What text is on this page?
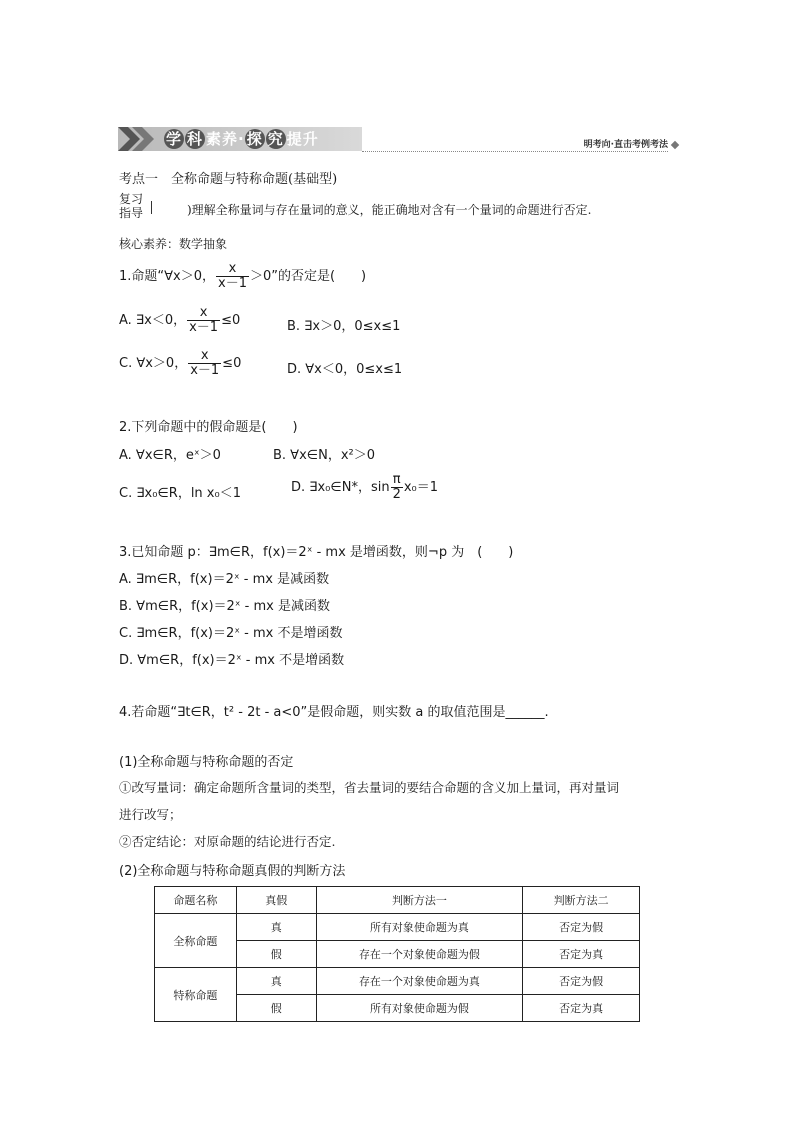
学 科 素养· 探 究 提升	明考向·直击考例考法
考点一　全称命题与特称命题(基础型)
复习
指导	)理解全称量词与存在量词的意义，能正确地对含有一个量词的命题进行否定.
核心素养：数学抽象
1.命题“∀x＞0， $\frac{x}{x-1} >0$”的否定是(　　)
A. ∃x＜0， $\frac{x}{x-1} \le 0$	B. ∃x＞0，0≤x≤1
C. ∀x＞0， $\frac{x}{x-1} \le 0$	D. ∀x＜0，0≤x≤1
2.下列命题中的假命题是(　　)
A. ∀x∈R，eˣ＞0	B. ∀x∈N，x²＞0
C. ∃x₀∈R，ln x₀＜1	D. ∃x₀∈N*，$\sin \frac{\pi}{2} x_0=1$
3.已知命题 p：∃m∈R，f(x)＝2ˣ - mx 是增函数，则¬p 为　(　　)
A. ∃m∈R，f(x)＝2ˣ - mx 是减函数
B. ∀m∈R，f(x)＝2ˣ - mx 是减函数
C. ∃m∈R，f(x)＝2ˣ - mx 不是增函数
D. ∀m∈R，f(x)＝2ˣ - mx 不是增函数
4.若命题“∃t∈R，t² - 2t - a<0”是假命题，则实数 a 的取值范围是______.
(1)全称命题与特称命题的否定
①改写量词：确定命题所含量词的类型，省去量词的要结合命题的含义加上量词，再对量词
进行改写；
②否定结论：对原命题的结论进行否定.
(2)全称命题与特称命题真假的判断方法
命题名称	真假	判断方法一	判断方法二
全称命题	真	所有对象使命题为真	否定为假
	假	存在一个对象使命题为假	否定为真
特称命题	真	存在一个对象使命题为真	否定为假
	假	所有对象使命题为假	否定为真
